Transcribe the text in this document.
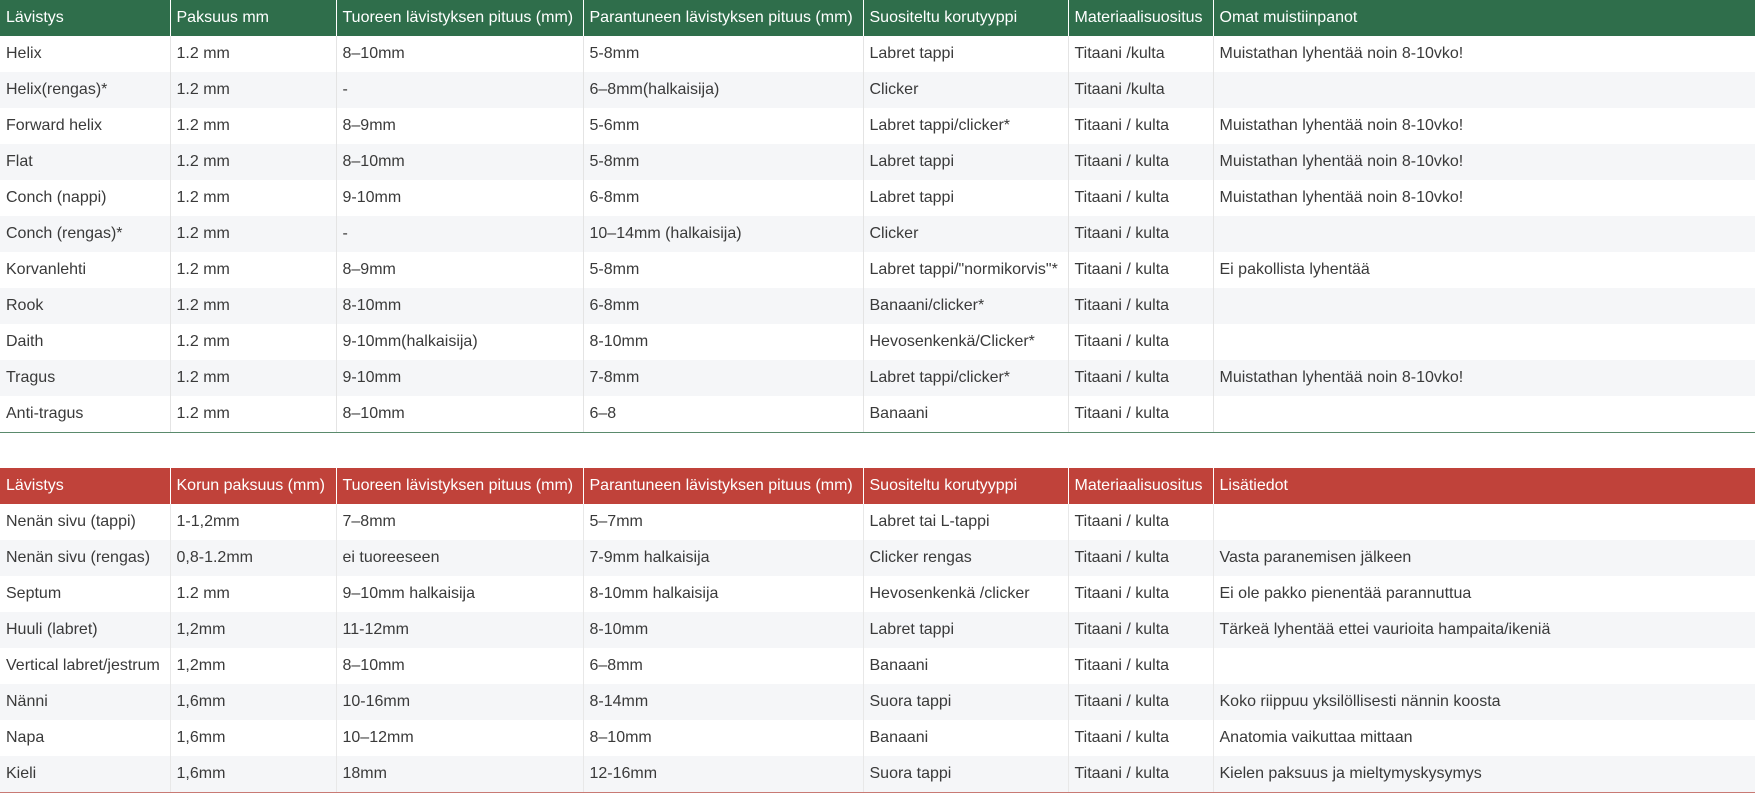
Lävistys	Paksuus mm	Tuoreen lävistyksen pituus (mm)	Parantuneen lävistyksen pituus (mm)	Suositeltu korutyyppi	Materiaalisuositus	Omat muistiinpanot
Helix	1.2 mm	8–10mm	5-8mm	Labret tappi	Titaani /kulta	Muistathan lyhentää noin 8-10vko!
Helix(rengas)*	1.2 mm	-	6–8mm(halkaisija)	Clicker	Titaani /kulta	
Forward helix	1.2 mm	8–9mm	5-6mm	Labret tappi/clicker*	Titaani / kulta	Muistathan lyhentää noin 8-10vko!
Flat	1.2 mm	8–10mm	5-8mm	Labret tappi	Titaani / kulta	Muistathan lyhentää noin 8-10vko!
Conch (nappi)	1.2 mm	9-10mm	6-8mm	Labret tappi	Titaani / kulta	Muistathan lyhentää noin 8-10vko!
Conch (rengas)*	1.2 mm	-	10–14mm (halkaisija)	Clicker	Titaani / kulta	
Korvanlehti	1.2 mm	8–9mm	5-8mm	Labret tappi/"normikorvis"*	Titaani / kulta	Ei pakollista lyhentää
Rook	1.2 mm	8-10mm	6-8mm	Banaani/clicker*	Titaani / kulta	
Daith	1.2 mm	9-10mm(halkaisija)	8-10mm	Hevosenkenkä/Clicker*	Titaani / kulta	
Tragus	1.2 mm	9-10mm	7-8mm	Labret tappi/clicker*	Titaani / kulta	Muistathan lyhentää noin 8-10vko!
Anti-tragus	1.2 mm	8–10mm	6–8	Banaani	Titaani / kulta	
Lävistys	Korun paksuus (mm)	Tuoreen lävistyksen pituus (mm)	Parantuneen lävistyksen pituus (mm)	Suositeltu korutyyppi	Materiaalisuositus	Lisätiedot
Nenän sivu (tappi)	1-1,2mm	7–8mm	5–7mm	Labret tai L-tappi	Titaani / kulta	
Nenän sivu (rengas)	0,8-1.2mm	ei tuoreeseen	7-9mm halkaisija	Clicker rengas	Titaani / kulta	Vasta paranemisen jälkeen
Septum	1.2 mm	9–10mm halkaisija	8-10mm halkaisija	Hevosenkenkä /clicker	Titaani / kulta	Ei ole pakko pienentää parannuttua
Huuli (labret)	1,2mm	11-12mm	8-10mm	Labret tappi	Titaani / kulta	Tärkeä lyhentää ettei vaurioita hampaita/ikeniä
Vertical labret/jestrum	1,2mm	8–10mm	6–8mm	Banaani	Titaani / kulta	
Nänni	1,6mm	10-16mm	8-14mm	Suora tappi	Titaani / kulta	Koko riippuu yksilöllisesti nännin koosta
Napa	1,6mm	10–12mm	8–10mm	Banaani	Titaani / kulta	Anatomia vaikuttaa mittaan
Kieli	1,6mm	18mm	12-16mm	Suora tappi	Titaani / kulta	Kielen paksuus ja mieltymyskysymys
